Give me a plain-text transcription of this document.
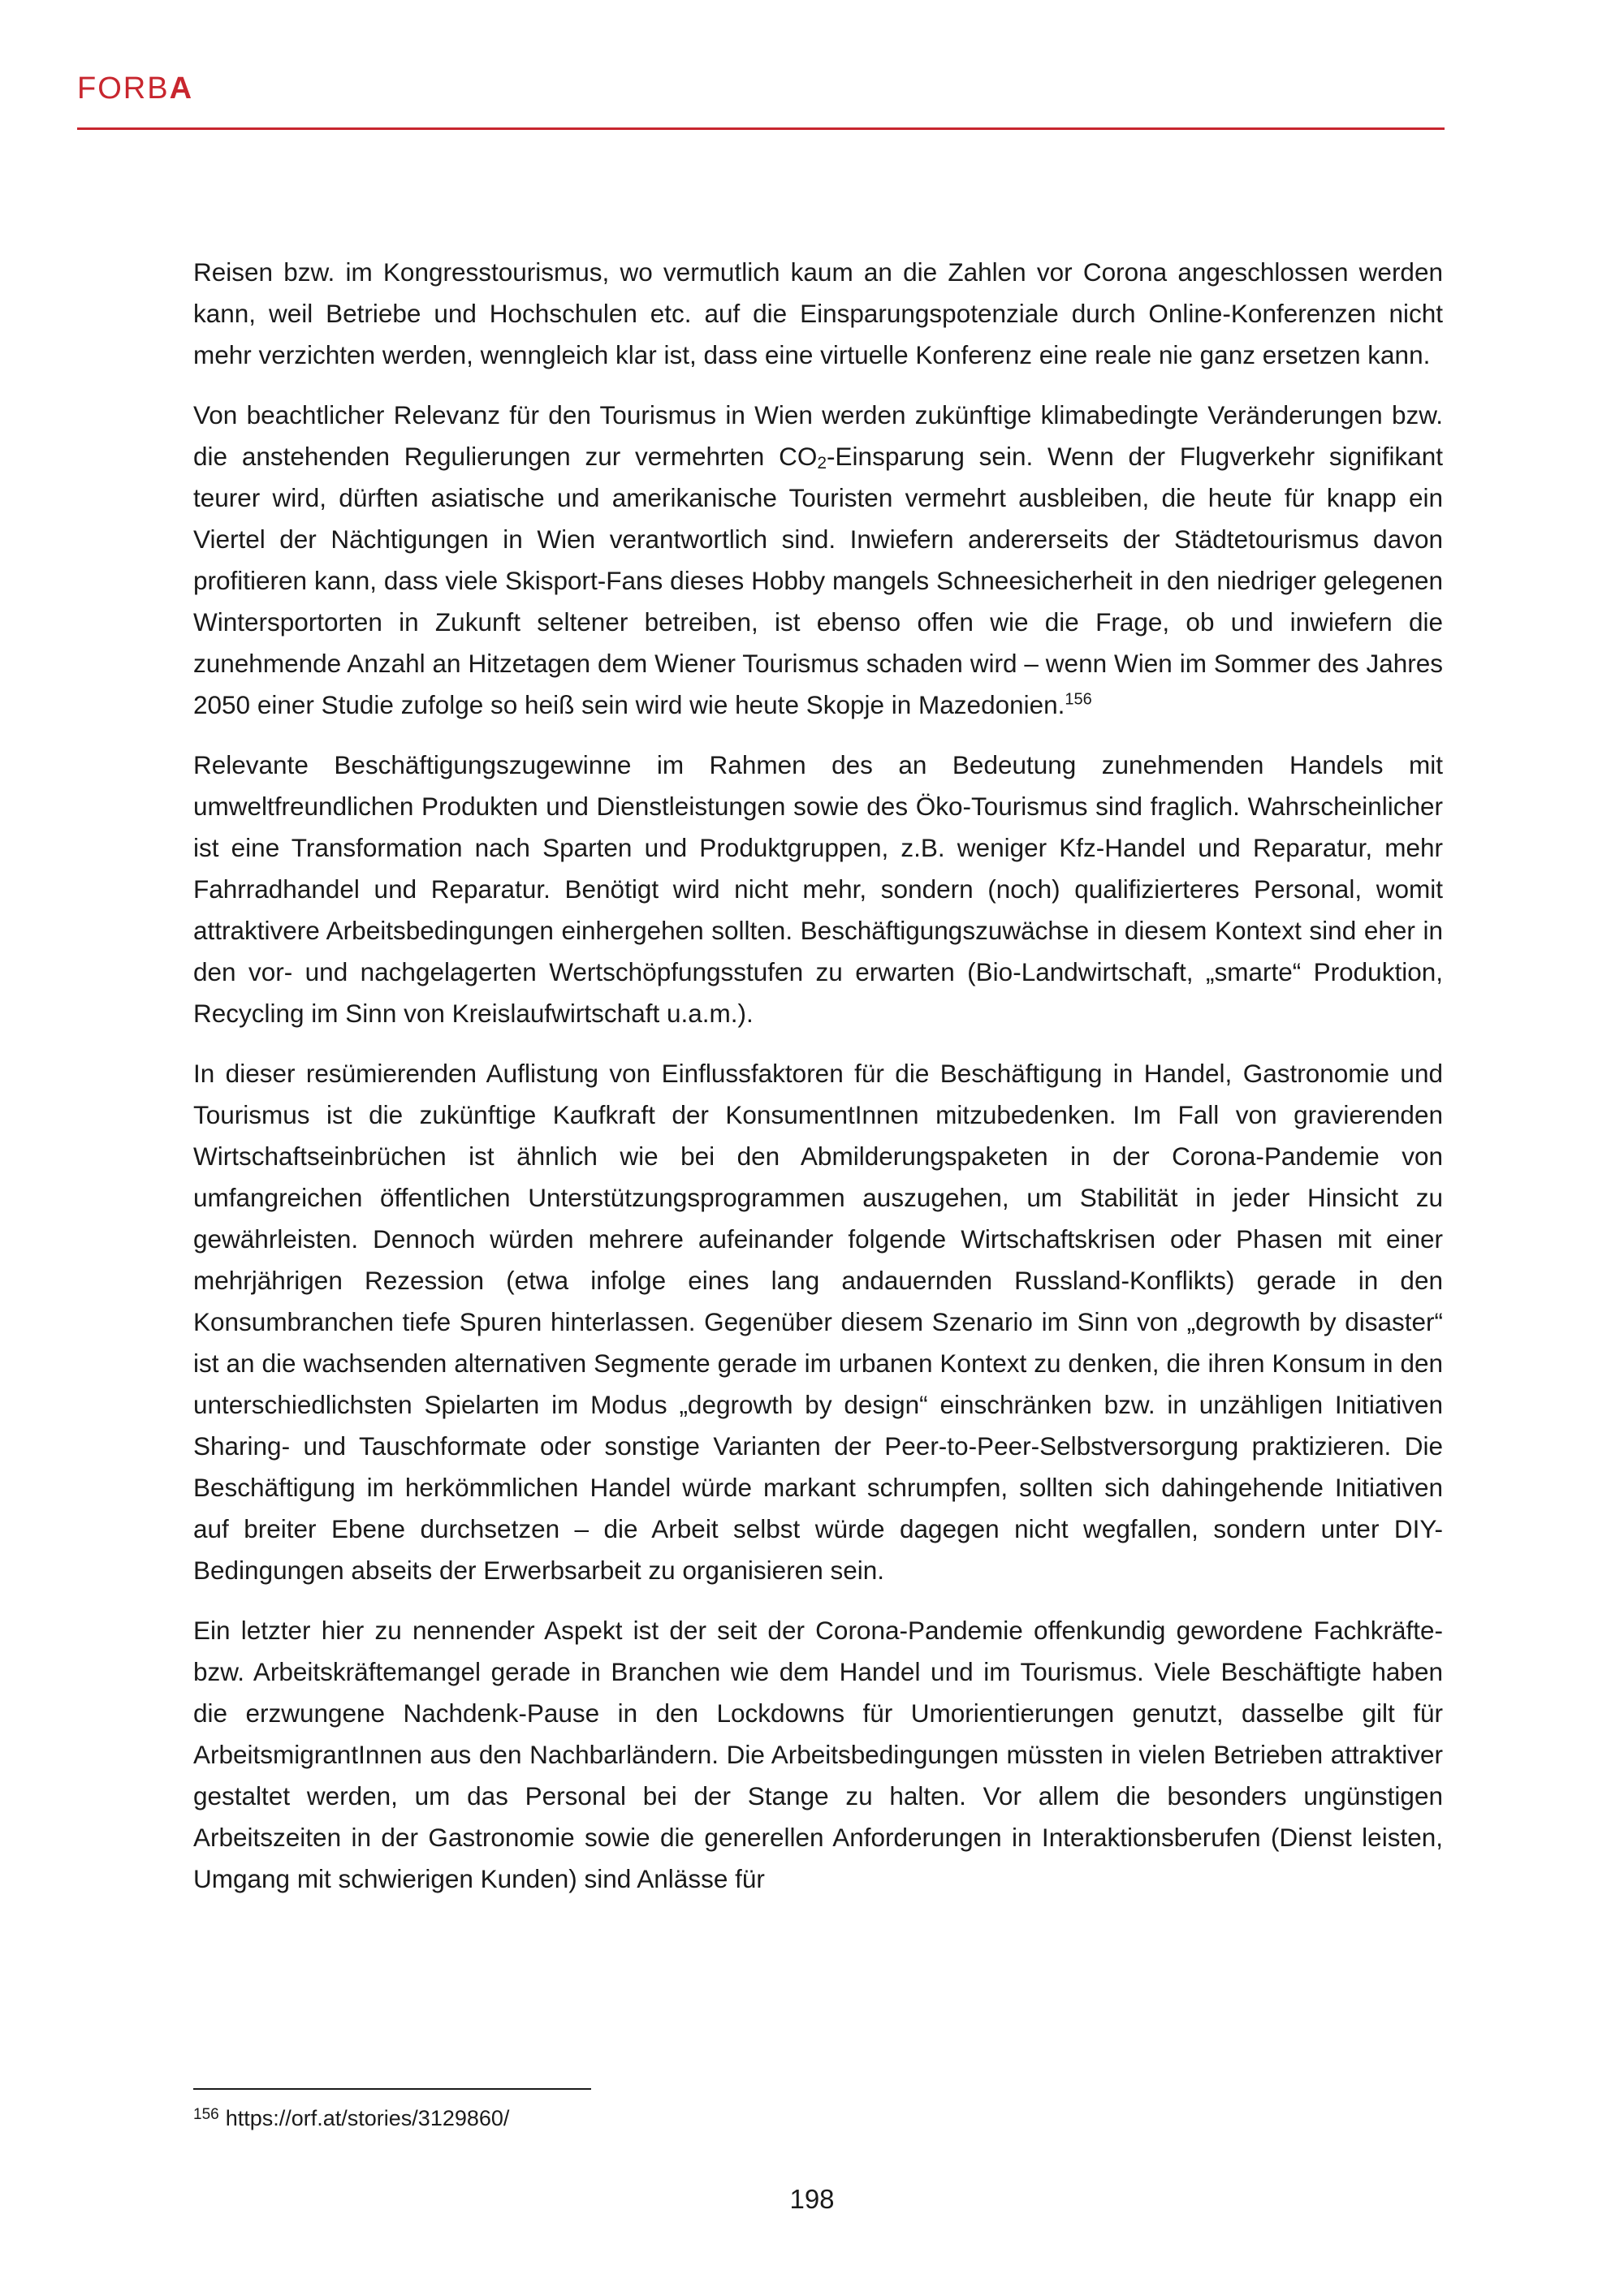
FORBA

Reisen bzw. im Kongresstourismus, wo vermutlich kaum an die Zahlen vor Corona angeschlossen werden kann, weil Betriebe und Hochschulen etc. auf die Einsparungspotenziale durch Online-Konferenzen nicht mehr verzichten werden, wenngleich klar ist, dass eine virtuelle Konferenz eine reale nie ganz ersetzen kann.

Von beachtlicher Relevanz für den Tourismus in Wien werden zukünftige klimabedingte Veränderungen bzw. die anstehenden Regulierungen zur vermehrten $CO_2$-Einsparung sein. Wenn der Flugverkehr signifikant teurer wird, dürften asiatische und amerikanische Touristen vermehrt ausbleiben, die heute für knapp ein Viertel der Nächtigungen in Wien verantwortlich sind. Inwiefern andererseits der Städtetourismus davon profitieren kann, dass viele Skisport-Fans dieses Hobby mangels Schneesicherheit in den niedriger gelegenen Wintersportorten in Zukunft seltener betreiben, ist ebenso offen wie die Frage, ob und inwiefern die zunehmende Anzahl an Hitzetagen dem Wiener Tourismus schaden wird – wenn Wien im Sommer des Jahres 2050 einer Studie zufolge so heiß sein wird wie heute Skopje in Mazedonien.$^{156}$

Relevante Beschäftigungszugewinne im Rahmen des an Bedeutung zunehmenden Handels mit umweltfreundlichen Produkten und Dienstleistungen sowie des Öko-Tourismus sind fraglich. Wahrscheinlicher ist eine Transformation nach Sparten und Produktgruppen, z.B. weniger Kfz-Handel und Reparatur, mehr Fahrradhandel und Reparatur. Benötigt wird nicht mehr, sondern (noch) qualifizierteres Personal, womit attraktivere Arbeitsbedingungen einhergehen sollten. Beschäftigungszuwächse in diesem Kontext sind eher in den vor- und nachgelagerten Wertschöpfungsstufen zu erwarten (Bio-Landwirtschaft, „smarte“ Produktion, Recycling im Sinn von Kreislaufwirtschaft u.a.m.).

In dieser resümierenden Auflistung von Einflussfaktoren für die Beschäftigung in Handel, Gastronomie und Tourismus ist die zukünftige Kaufkraft der KonsumentInnen mitzubedenken. Im Fall von gravierenden Wirtschaftseinbrüchen ist ähnlich wie bei den Abmilderungspaketen in der Corona-Pandemie von umfangreichen öffentlichen Unterstützungsprogrammen auszugehen, um Stabilität in jeder Hinsicht zu gewährleisten. Dennoch würden mehrere aufeinander folgende Wirtschaftskrisen oder Phasen mit einer mehrjährigen Rezession (etwa infolge eines lang andauernden Russland-Konflikts) gerade in den Konsumbranchen tiefe Spuren hinterlassen. Gegenüber diesem Szenario im Sinn von „degrowth by disaster“ ist an die wachsenden alternativen Segmente gerade im urbanen Kontext zu denken, die ihren Konsum in den unterschiedlichsten Spielarten im Modus „degrowth by design“ einschränken bzw. in unzähligen Initiativen Sharing- und Tauschformate oder sonstige Varianten der Peer-to-Peer-Selbstversorgung praktizieren. Die Beschäftigung im herkömmlichen Handel würde markant schrumpfen, sollten sich dahingehende Initiativen auf breiter Ebene durchsetzen – die Arbeit selbst würde dagegen nicht wegfallen, sondern unter DIY-Bedingungen abseits der Erwerbsarbeit zu organisieren sein.

Ein letzter hier zu nennender Aspekt ist der seit der Corona-Pandemie offenkundig gewordene Fachkräfte- bzw. Arbeitskräftemangel gerade in Branchen wie dem Handel und im Tourismus. Viele Beschäftigte haben die erzwungene Nachdenk-Pause in den Lockdowns für Umorientierungen genutzt, dasselbe gilt für ArbeitsmigrantInnen aus den Nachbarländern. Die Arbeitsbedingungen müssten in vielen Betrieben attraktiver gestaltet werden, um das Personal bei der Stange zu halten. Vor allem die besonders ungünstigen Arbeitszeiten in der Gastronomie sowie die generellen Anforderungen in Interaktionsberufen (Dienst leisten, Umgang mit schwierigen Kunden) sind Anlässe für

$^{156}$ https://orf.at/stories/3129860/
198
